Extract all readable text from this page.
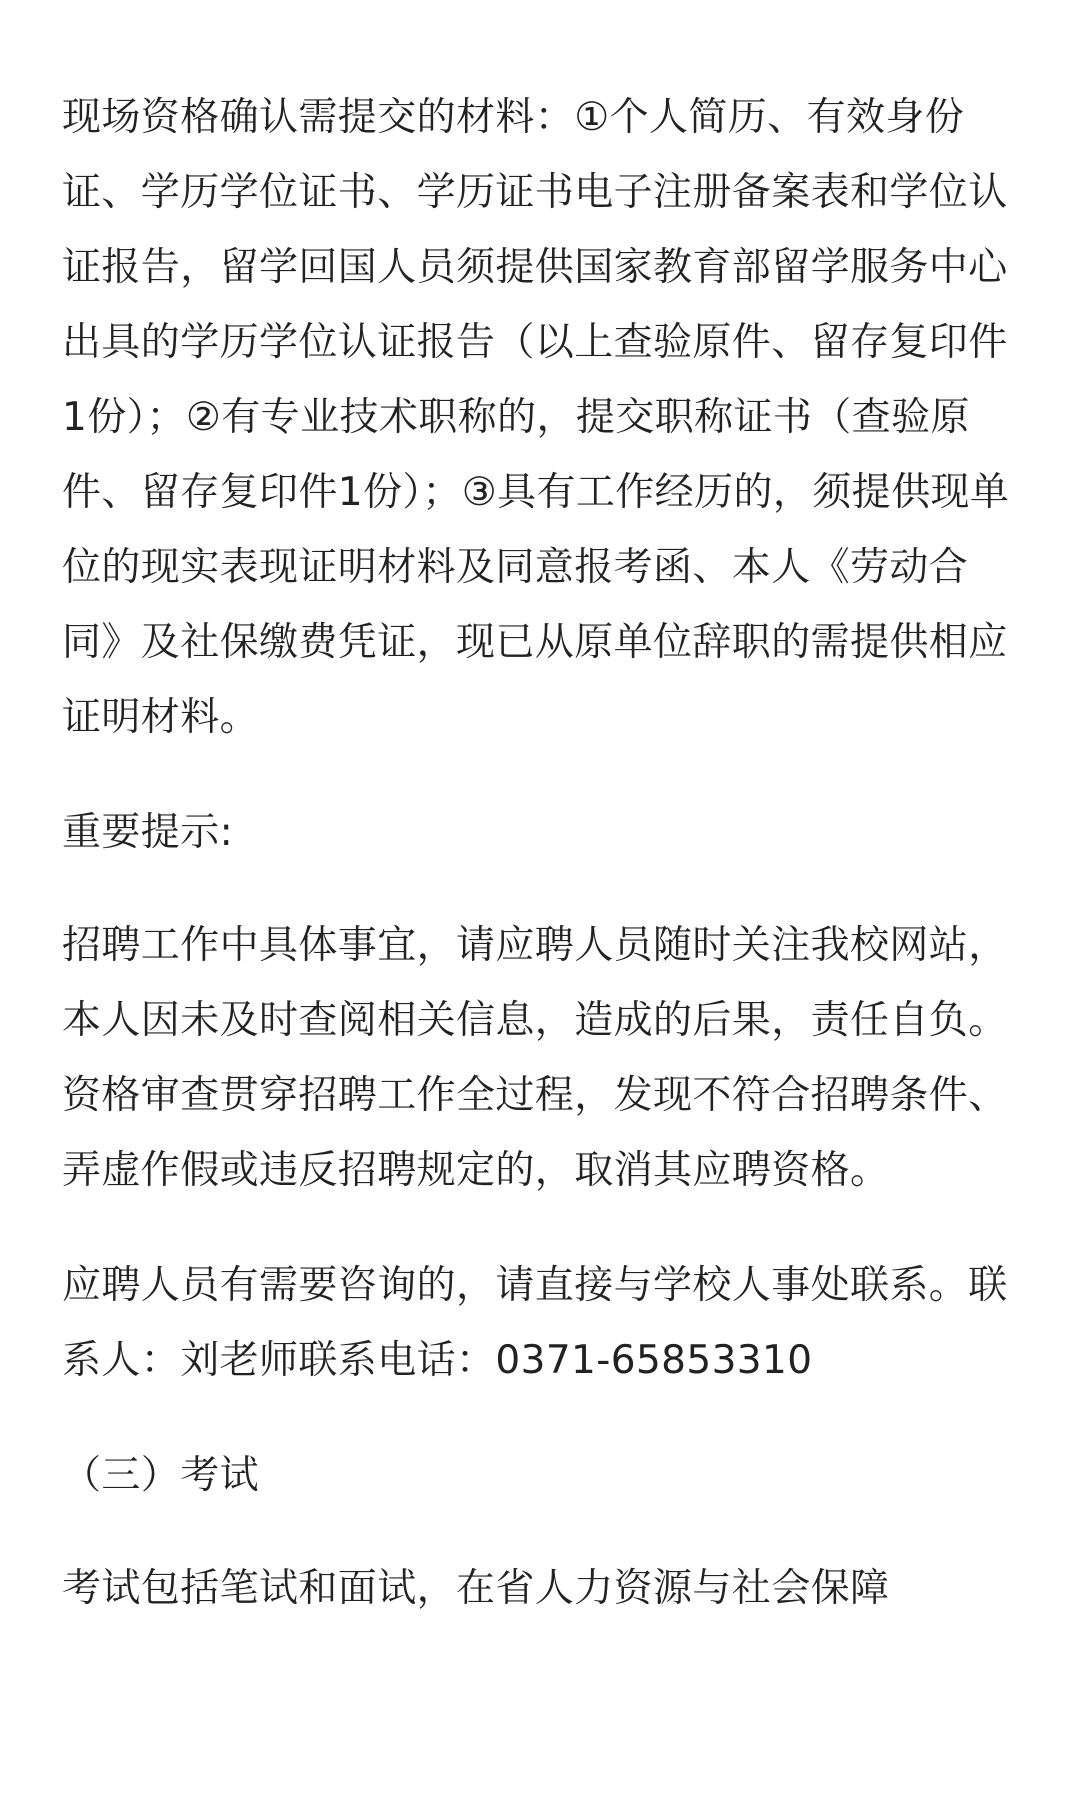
现场资格确认需提交的材料：①个人简历、有效身份证、学历学位证书、学历证书电子注册备案表和学位认证报告，留学回国人员须提供国家教育部留学服务中心出具的学历学位认证报告（以上查验原件、留存复印件1份）；②有专业技术职称的，提交职称证书（查验原件、留存复印件1份）；③具有工作经历的，须提供现单位的现实表现证明材料及同意报考函、本人《劳动合同》及社保缴费凭证，现已从原单位辞职的需提供相应证明材料。

重要提示:

招聘工作中具体事宜，请应聘人员随时关注我校网站，本人因未及时查阅相关信息，造成的后果，责任自负。资格审查贯穿招聘工作全过程，发现不符合招聘条件、弄虚作假或违反招聘规定的，取消其应聘资格。

应聘人员有需要咨询的，请直接与学校人事处联系。联系人：刘老师联系电话：0371-65853310

（三）考试

考试包括笔试和面试，在省人力资源与社会保障
